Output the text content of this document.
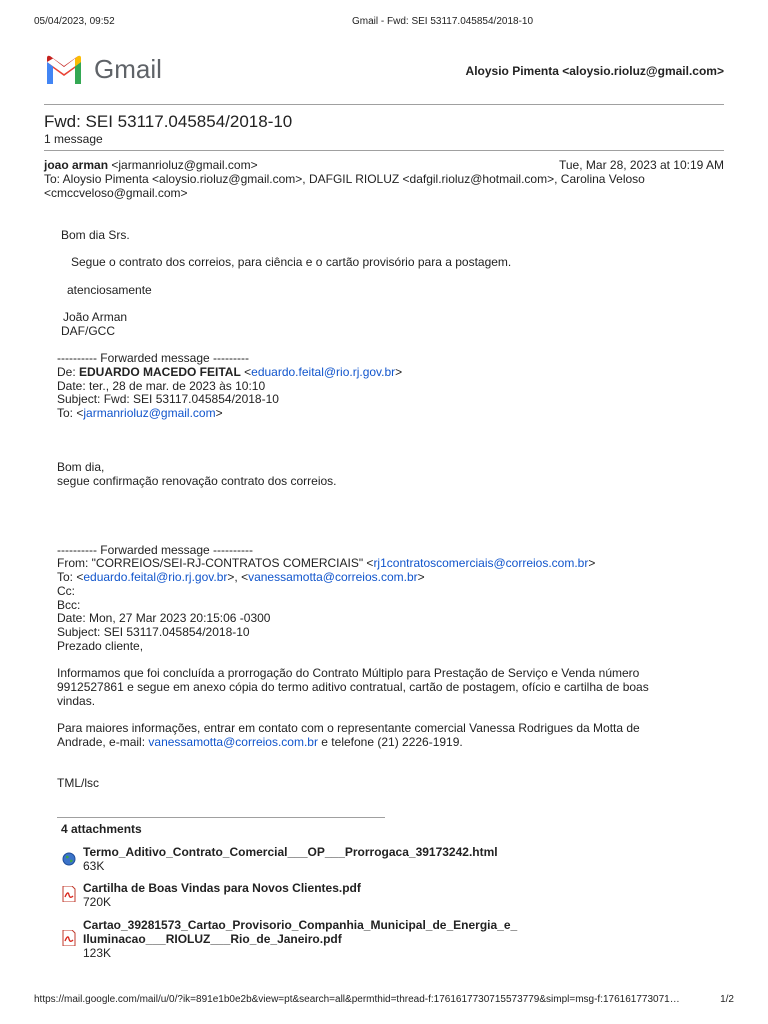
05/04/2023, 09:52	Gmail - Fwd: SEI 53117.045854/2018-10
Gmail	Aloysio Pimenta <aloysio.rioluz@gmail.com>
Fwd: SEI 53117.045854/2018-10
1 message
joao arman <jarmanrioluz@gmail.com>	Tue, Mar 28, 2023 at 10:19 AM
To: Aloysio Pimenta <aloysio.rioluz@gmail.com>, DAFGIL RIOLUZ <dafgil.rioluz@hotmail.com>, Carolina Veloso
<cmccveloso@gmail.com>
Bom dia Srs.
Segue o contrato dos correios, para ciência e o cartão provisório para a postagem.
atenciosamente
João Arman
DAF/GCC
---------- Forwarded message ---------
De: EDUARDO MACEDO FEITAL <eduardo.feital@rio.rj.gov.br>
Date: ter., 28 de mar. de 2023 às 10:10
Subject: Fwd: SEI 53117.045854/2018-10
To: <jarmanrioluz@gmail.com>
Bom dia,
segue confirmação renovação contrato dos correios.
---------- Forwarded message ----------
From: "CORREIOS/SEI-RJ-CONTRATOS COMERCIAIS" <rj1contratoscomerciais@correios.com.br>
To: <eduardo.feital@rio.rj.gov.br>, <vanessamotta@correios.com.br>
Cc:
Bcc:
Date: Mon, 27 Mar 2023 20:15:06 -0300
Subject: SEI 53117.045854/2018-10
Prezado cliente,
Informamos que foi concluída a prorrogação do Contrato Múltiplo para Prestação de Serviço e Venda número
9912527861 e segue em anexo cópia do termo aditivo contratual, cartão de postagem, ofício e cartilha de boas
vindas.
Para maiores informações, entrar em contato com o representante comercial Vanessa Rodrigues da Motta de
Andrade, e-mail: vanessamotta@correios.com.br e telefone (21) 2226-1919.
TML/lsc
4 attachments
Termo_Aditivo_Contrato_Comercial___OP___Prorrogaca_39173242.html
63K
Cartilha de Boas Vindas para Novos Clientes.pdf
720K
Cartao_39281573_Cartao_Provisorio_Companhia_Municipal_de_Energia_e_
Iluminacao___RIOLUZ___Rio_de_Janeiro.pdf
123K
https://mail.google.com/mail/u/0/?ik=891e1b0e2b&view=pt&search=all&permthid=thread-f:1761617730715573779&simpl=msg-f:176161773071…	1/2
